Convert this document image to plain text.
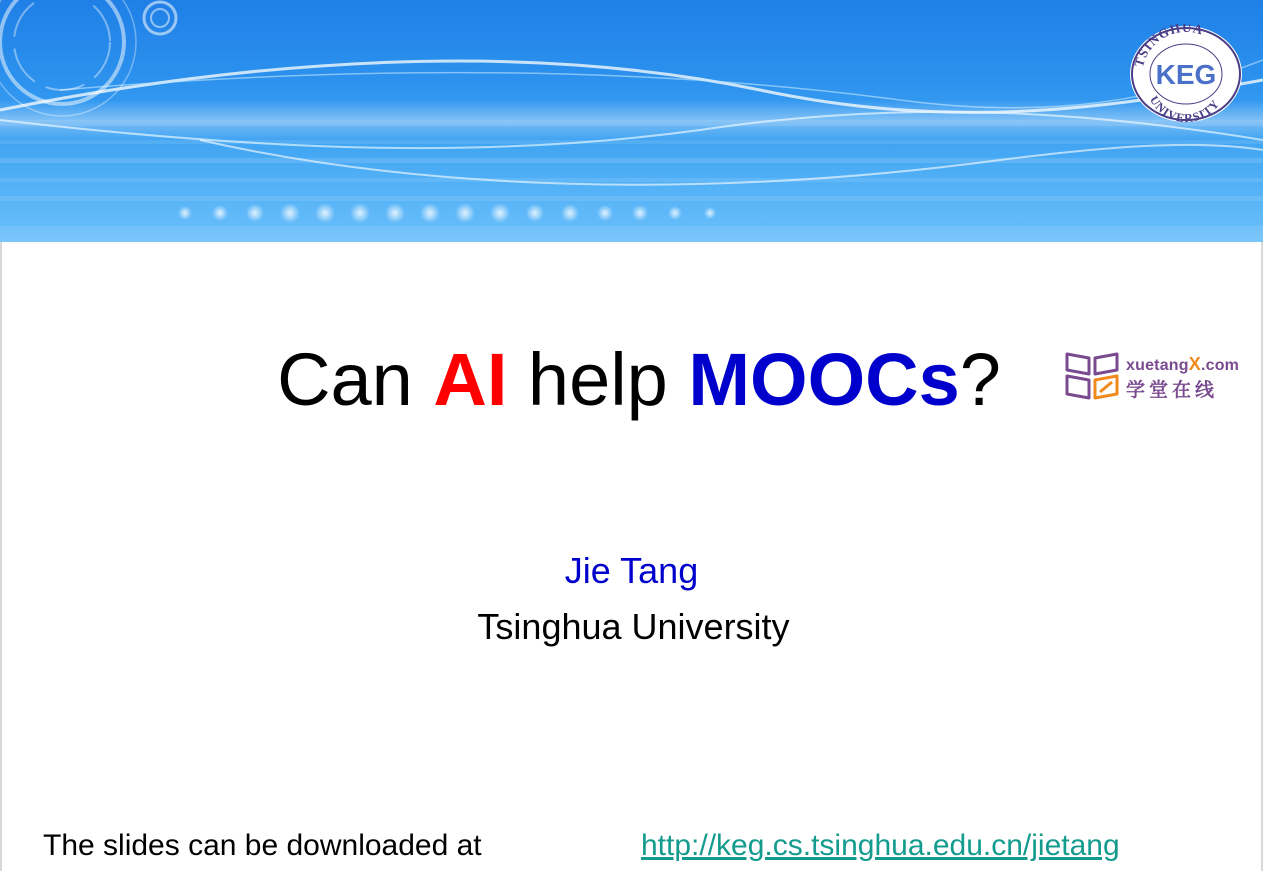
TSINGHUA
UNIVERSITY
KEG
Can AI help MOOCs?	xuetangX.com
学堂在线
Jie Tang
Tsinghua University
The slides can be downloaded at	http://keg.cs.tsinghua.edu.cn/jietang
